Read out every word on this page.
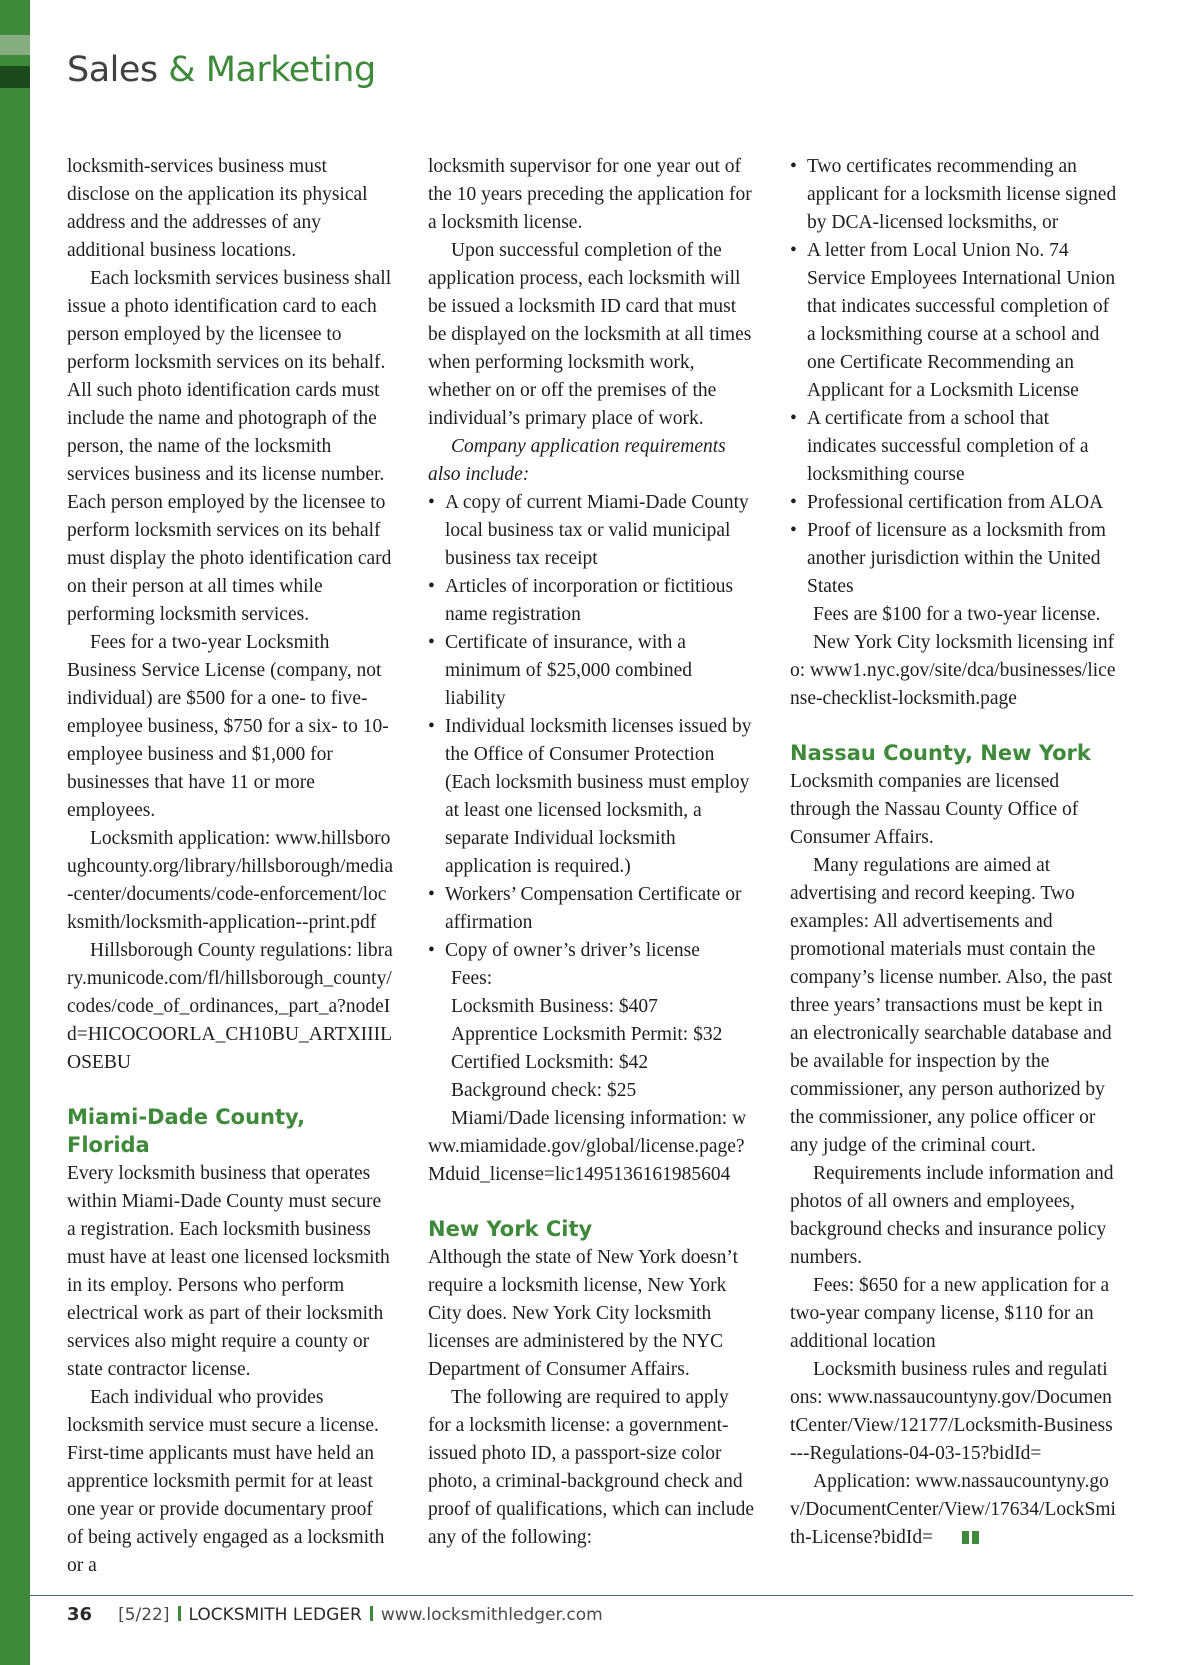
Sales & Marketing

locksmith-services business must disclose on the application its physical address and the addresses of any additional business locations.

Each locksmith services business shall issue a photo identification card to each person employed by the licensee to perform locksmith services on its behalf. All such photo identification cards must include the name and photograph of the person, the name of the locksmith services business and its license number. Each person employed by the licensee to perform locksmith services on its behalf must display the photo identification card on their person at all times while performing locksmith services.

Fees for a two-year Locksmith Business Service License (company, not individual) are $500 for a one- to five-employee business, $750 for a six- to 10-employee business and $1,000 for businesses that have 11 or more employees.

Locksmith application: www.hillsboroughcounty.org/library/hillsborough/media-center/documents/code-enforcement/locksmith/locksmith-application--print.pdf

Hillsborough County regulations: library.municode.com/fl/hillsborough_county/codes/code_of_ordinances,_part_a?nodeId=HICOCOORLA_CH10BU_ARTXIIILOSEBU

Miami-Dade County, Florida

Every locksmith business that operates within Miami-Dade County must secure a registration. Each locksmith business must have at least one licensed locksmith in its employ. Persons who perform electrical work as part of their locksmith services also might require a county or state contractor license.

Each individual who provides locksmith service must secure a license. First-time applicants must have held an apprentice locksmith permit for at least one year or provide documentary proof of being actively engaged as a locksmith or a

locksmith supervisor for one year out of the 10 years preceding the application for a locksmith license.

Upon successful completion of the application process, each locksmith will be issued a locksmith ID card that must be displayed on the locksmith at all times when performing locksmith work, whether on or off the premises of the individual’s primary place of work.

Company application requirements also include:

• A copy of current Miami-Dade County local business tax or valid municipal business tax receipt
• Articles of incorporation or fictitious name registration
• Certificate of insurance, with a minimum of $25,000 combined liability
• Individual locksmith licenses issued by the Office of Consumer Protection (Each locksmith business must employ at least one licensed locksmith, a separate Individual locksmith application is required.)
• Workers’ Compensation Certificate or affirmation
• Copy of owner’s driver’s license

Fees:

Locksmith Business: $407

Apprentice Locksmith Permit: $32

Certified Locksmith: $42

Background check: $25

Miami/Dade licensing information: www.miamidade.gov/global/license.page?Mduid_license=lic1495136161985604

New York City

Although the state of New York doesn’t require a locksmith license, New York City does. New York City locksmith licenses are administered by the NYC Department of Consumer Affairs.

The following are required to apply for a locksmith license: a government-issued photo ID, a passport-size color photo, a criminal-background check and proof of qualifications, which can include any of the following:

• Two certificates recommending an applicant for a locksmith license signed by DCA-licensed locksmiths, or
• A letter from Local Union No. 74 Service Employees International Union that indicates successful completion of a locksmithing course at a school and one Certificate Recommending an Applicant for a Locksmith License
• A certificate from a school that indicates successful completion of a locksmithing course
• Professional certification from ALOA
• Proof of licensure as a locksmith from another jurisdiction within the United States

Fees are $100 for a two-year license.

New York City locksmith licensing info: www1.nyc.gov/site/dca/businesses/license-checklist-locksmith.page

Nassau County, New York

Locksmith companies are licensed through the Nassau County Office of Consumer Affairs.

Many regulations are aimed at advertising and record keeping. Two examples: All advertisements and promotional materials must contain the company’s license number. Also, the past three years’ transactions must be kept in an electronically searchable database and be available for inspection by the commissioner, any person authorized by the commissioner, any police officer or any judge of the criminal court.

Requirements include information and photos of all owners and employees, background checks and insurance policy numbers.

Fees: $650 for a new application for a two-year company license, $110 for an additional location

Locksmith business rules and regulations: www.nassaucountyny.gov/DocumentCenter/View/12177/Locksmith-Business---Regulations-04-03-15?bidId=

Application: www.nassaucountyny.gov/DocumentCenter/View/17634/LockSmith-License?bidId=

36 [5/22] LOCKSMITH LEDGER www.locksmithledger.com
